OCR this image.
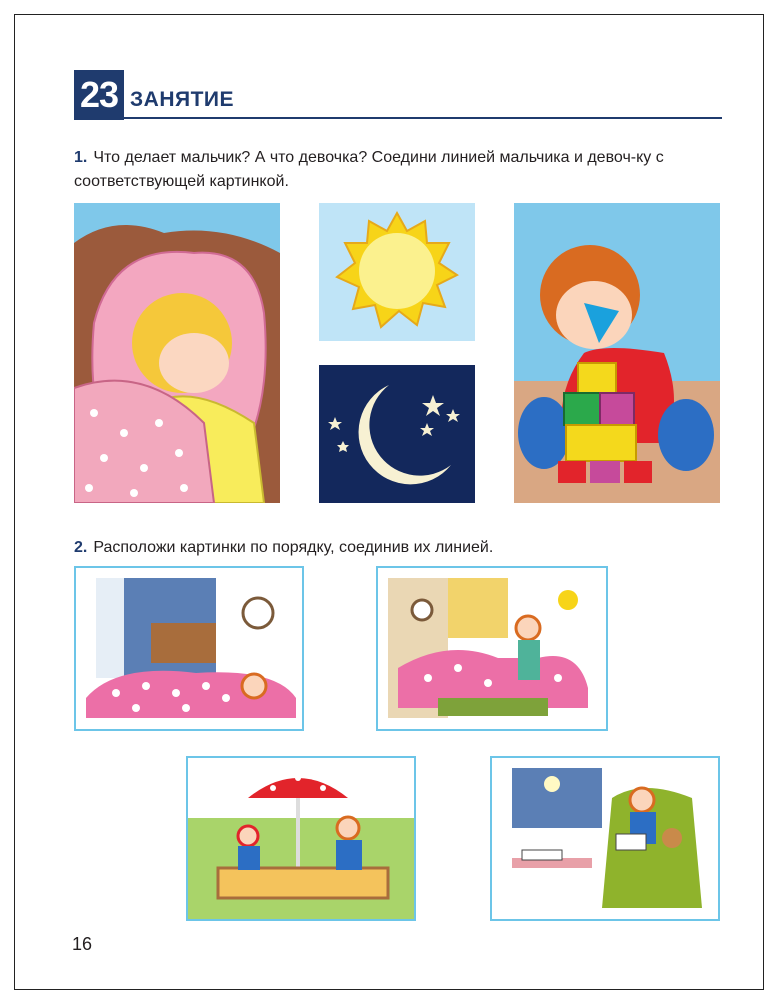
23 ЗАНЯТИЕ
1. Что делает мальчик? А что девочка? Соедини линией мальчика и девоч-ку с соответствующей картинкой.
2. Расположи картинки по порядку, соединив их линией.
16
